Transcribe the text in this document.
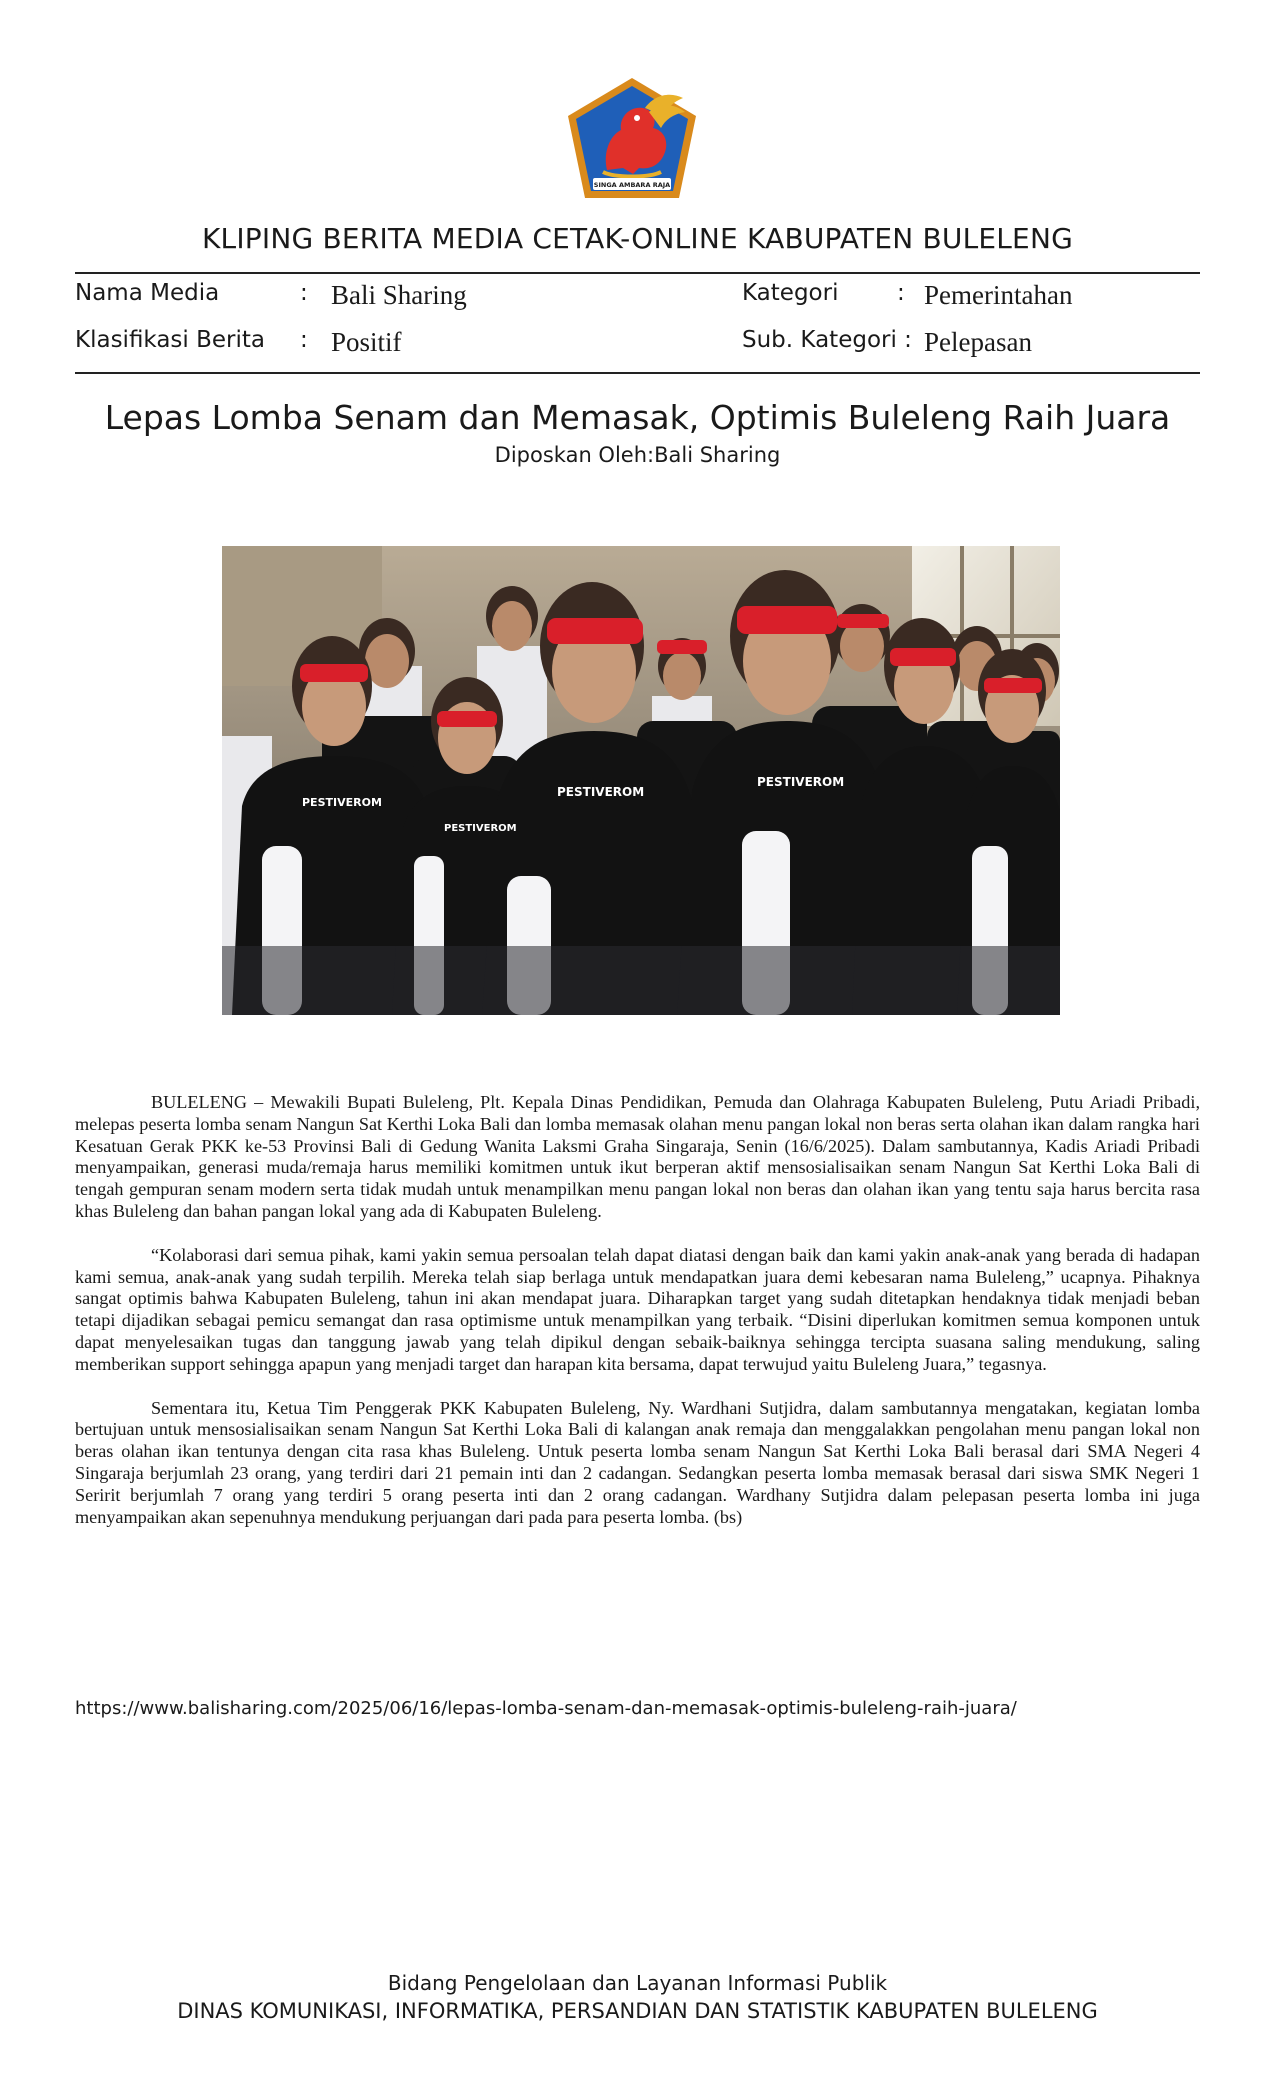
SINGA AMBARA RAJA
KLIPING BERITA MEDIA CETAK-ONLINE KABUPATEN BULELENG
Nama Media	: Bali Sharing	Kategori	: Pemerintahan
Klasifikasi Berita : Positif	Sub. Kategori : Pelepasan
Lepas Lomba Senam dan Memasak, Optimis Buleleng Raih Juara
Diposkan Oleh:Bali Sharing
PESTIVEROM
PESTIVEROM
PESTIVEROM
PESTIVEROM

BULELENG – Mewakili Bupati Buleleng, Plt. Kepala Dinas Pendidikan, Pemuda dan Olahraga Kabupaten Buleleng, Putu Ariadi Pribadi, melepas peserta lomba senam Nangun Sat Kerthi Loka Bali dan lomba memasak olahan menu pangan lokal non beras serta olahan ikan dalam rangka hari Kesatuan Gerak PKK ke-53 Provinsi Bali di Gedung Wanita Laksmi Graha Singaraja, Senin (16/6/2025). Dalam sambutannya, Kadis Ariadi Pribadi menyampaikan, generasi muda/remaja harus memiliki komitmen untuk ikut berperan aktif mensosialisaikan senam Nangun Sat Kerthi Loka Bali di tengah gempuran senam modern serta tidak mudah untuk menampilkan menu pangan lokal non beras dan olahan ikan yang tentu saja harus bercita rasa khas Buleleng dan bahan pangan lokal yang ada di Kabupaten Buleleng.

“Kolaborasi dari semua pihak, kami yakin semua persoalan telah dapat diatasi dengan baik dan kami yakin anak-anak yang berada di hadapan kami semua, anak-anak yang sudah terpilih. Mereka telah siap berlaga untuk mendapatkan juara demi kebesaran nama Buleleng,” ucapnya. Pihaknya sangat optimis bahwa Kabupaten Buleleng, tahun ini akan mendapat juara. Diharapkan target yang sudah ditetapkan hendaknya tidak menjadi beban tetapi dijadikan sebagai pemicu semangat dan rasa optimisme untuk menampilkan yang terbaik. “Disini diperlukan komitmen semua komponen untuk dapat menyelesaikan tugas dan tanggung jawab yang telah dipikul dengan sebaik-baiknya sehingga tercipta suasana saling mendukung, saling memberikan support sehingga apapun yang menjadi target dan harapan kita bersama, dapat terwujud yaitu Buleleng Juara,” tegasnya.

Sementara itu, Ketua Tim Penggerak PKK Kabupaten Buleleng, Ny. Wardhani Sutjidra, dalam sambutannya mengatakan, kegiatan lomba bertujuan untuk mensosialisaikan senam Nangun Sat Kerthi Loka Bali di kalangan anak remaja dan menggalakkan pengolahan menu pangan lokal non beras olahan ikan tentunya dengan cita rasa khas Buleleng. Untuk peserta lomba senam Nangun Sat Kerthi Loka Bali berasal dari SMA Negeri 4 Singaraja berjumlah 23 orang, yang terdiri dari 21 pemain inti dan 2 cadangan. Sedangkan peserta lomba memasak berasal dari siswa SMK Negeri 1 Seririt berjumlah 7 orang yang terdiri 5 orang peserta inti dan 2 orang cadangan. Wardhany Sutjidra dalam pelepasan peserta lomba ini juga menyampaikan akan sepenuhnya mendukung perjuangan dari pada para peserta lomba. (bs)

https://www.balisharing.com/2025/06/16/lepas-lomba-senam-dan-memasak-optimis-buleleng-raih-juara/
Bidang Pengelolaan dan Layanan Informasi Publik
DINAS KOMUNIKASI, INFORMATIKA, PERSANDIAN DAN STATISTIK KABUPATEN BULELENG
